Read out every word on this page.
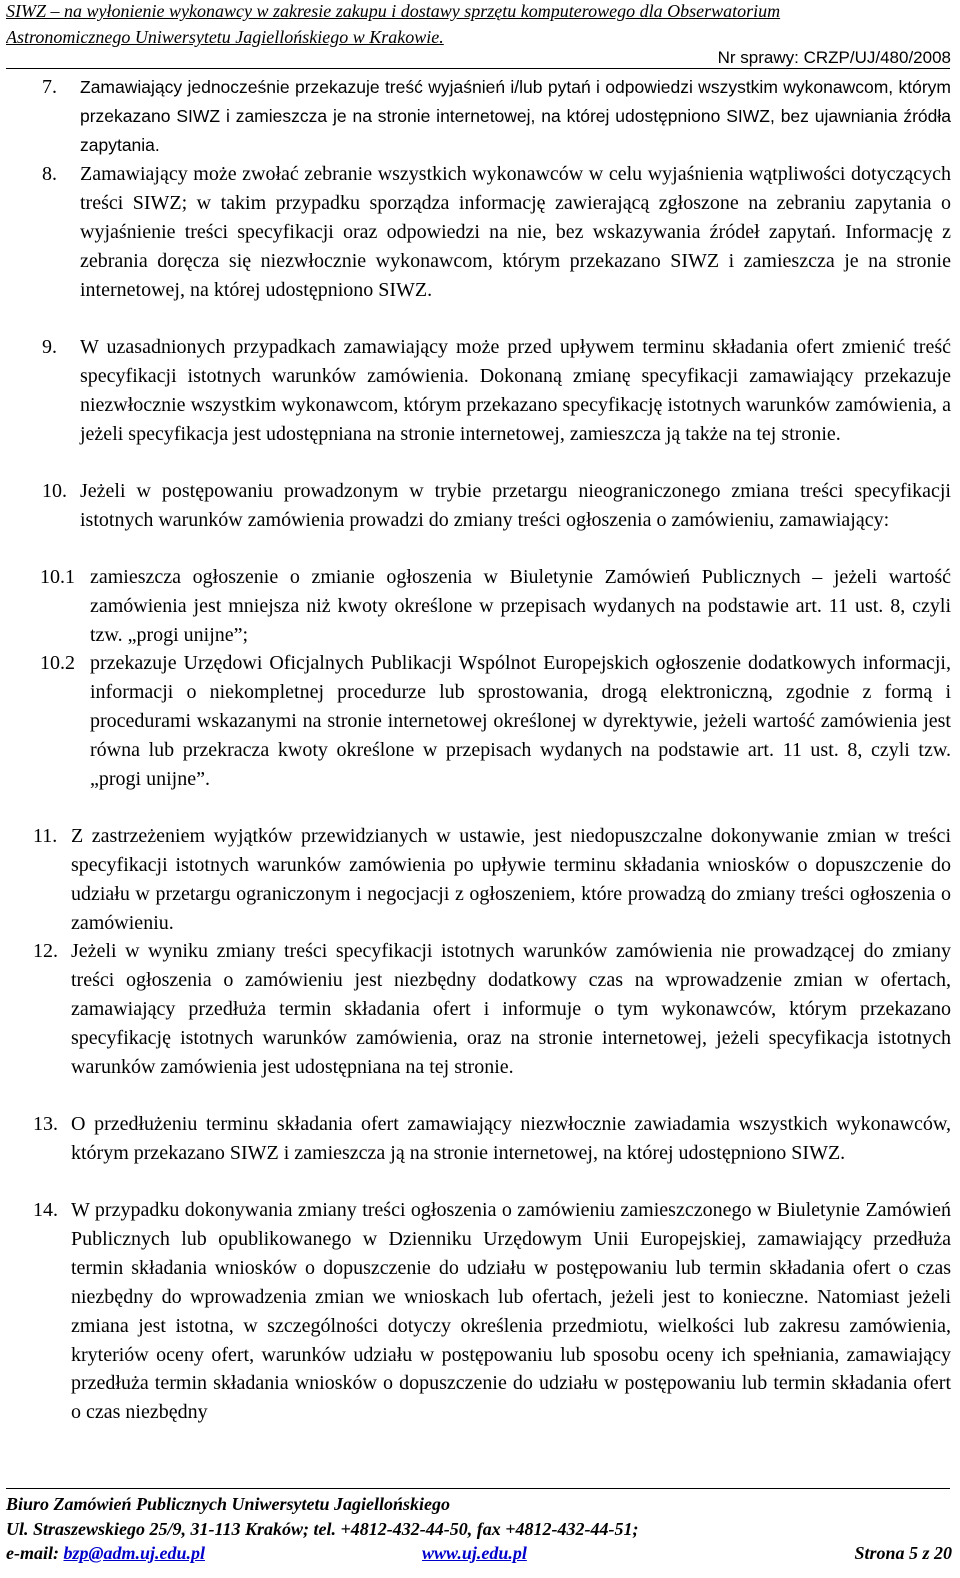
SIWZ – na wyłonienie wykonawcy w zakresie zakupu i dostawy sprzętu komputerowego dla Obserwatorium
Astronomicznego Uniwersytetu Jagiellońskiego w Krakowie.
Nr sprawy: CRZP/UJ/480/2008
7. Zamawiający jednocześnie przekazuje treść wyjaśnień i/lub pytań i odpowiedzi wszystkim wykonawcom, którym przekazano SIWZ i zamieszcza je na stronie internetowej, na której udostępniono SIWZ, bez ujawniania źródła zapytania.
8. Zamawiający może zwołać zebranie wszystkich wykonawców w celu wyjaśnienia wątpliwości dotyczących treści SIWZ; w takim przypadku sporządza informację zawierającą zgłoszone na zebraniu zapytania o wyjaśnienie treści specyfikacji oraz odpowiedzi na nie, bez wskazywania źródeł zapytań. Informację z zebrania doręcza się niezwłocznie wykonawcom, którym przekazano SIWZ i zamieszcza je na stronie internetowej, na której udostępniono SIWZ.
9. W uzasadnionych przypadkach zamawiający może przed upływem terminu składania ofert zmienić treść specyfikacji istotnych warunków zamówienia. Dokonaną zmianę specyfikacji zamawiający przekazuje niezwłocznie wszystkim wykonawcom, którym przekazano specyfikację istotnych warunków zamówienia, a jeżeli specyfikacja jest udostępniana na stronie internetowej, zamieszcza ją także na tej stronie.
10. Jeżeli w postępowaniu prowadzonym w trybie przetargu nieograniczonego zmiana treści specyfikacji istotnych warunków zamówienia prowadzi do zmiany treści ogłoszenia o zamówieniu, zamawiający:
10.1 zamieszcza ogłoszenie o zmianie ogłoszenia w Biuletynie Zamówień Publicznych – jeżeli wartość zamówienia jest mniejsza niż kwoty określone w przepisach wydanych na podstawie art. 11 ust. 8, czyli tzw. „progi unijne”;
10.2 przekazuje Urzędowi Oficjalnych Publikacji Wspólnot Europejskich ogłoszenie dodatkowych informacji, informacji o niekompletnej procedurze lub sprostowania, drogą elektroniczną, zgodnie z formą i procedurami wskazanymi na stronie internetowej określonej w dyrektywie, jeżeli wartość zamówienia jest równa lub przekracza kwoty określone w przepisach wydanych na podstawie art. 11 ust. 8, czyli tzw. „progi unijne”.
11. Z zastrzeżeniem wyjątków przewidzianych w ustawie, jest niedopuszczalne dokonywanie zmian w treści specyfikacji istotnych warunków zamówienia po upływie terminu składania wniosków o dopuszczenie do udziału w przetargu ograniczonym i negocjacji z ogłoszeniem, które prowadzą do zmiany treści ogłoszenia o zamówieniu.
12. Jeżeli w wyniku zmiany treści specyfikacji istotnych warunków zamówienia nie prowadzącej do zmiany treści ogłoszenia o zamówieniu jest niezbędny dodatkowy czas na wprowadzenie zmian w ofertach, zamawiający przedłuża termin składania ofert i informuje o tym wykonawców, którym przekazano specyfikację istotnych warunków zamówienia, oraz na stronie internetowej, jeżeli specyfikacja istotnych warunków zamówienia jest udostępniana na tej stronie.
13. O przedłużeniu terminu składania ofert zamawiający niezwłocznie zawiadamia wszystkich wykonawców, którym przekazano SIWZ i zamieszcza ją na stronie internetowej, na której udostępniono SIWZ.
14. W przypadku dokonywania zmiany treści ogłoszenia o zamówieniu zamieszczonego w Biuletynie Zamówień Publicznych lub opublikowanego w Dzienniku Urzędowym Unii Europejskiej, zamawiający przedłuża termin składania wniosków o dopuszczenie do udziału w postępowaniu lub termin składania ofert o czas niezbędny do wprowadzenia zmian we wnioskach lub ofertach, jeżeli jest to konieczne. Natomiast jeżeli zmiana jest istotna, w szczególności dotyczy określenia przedmiotu, wielkości lub zakresu zamówienia, kryteriów oceny ofert, warunków udziału w postępowaniu lub sposobu oceny ich spełniania, zamawiający przedłuża termin składania wniosków o dopuszczenie do udziału w postępowaniu lub termin składania ofert o czas niezbędny
Biuro Zamówień Publicznych Uniwersytetu Jagiellońskiego
Ul. Straszewskiego 25/9, 31-113 Kraków; tel. +4812-432-44-50, fax +4812-432-44-51;
e-mail: bzp@adm.uj.edu.pl	www.uj.edu.pl	Strona 5 z 20
